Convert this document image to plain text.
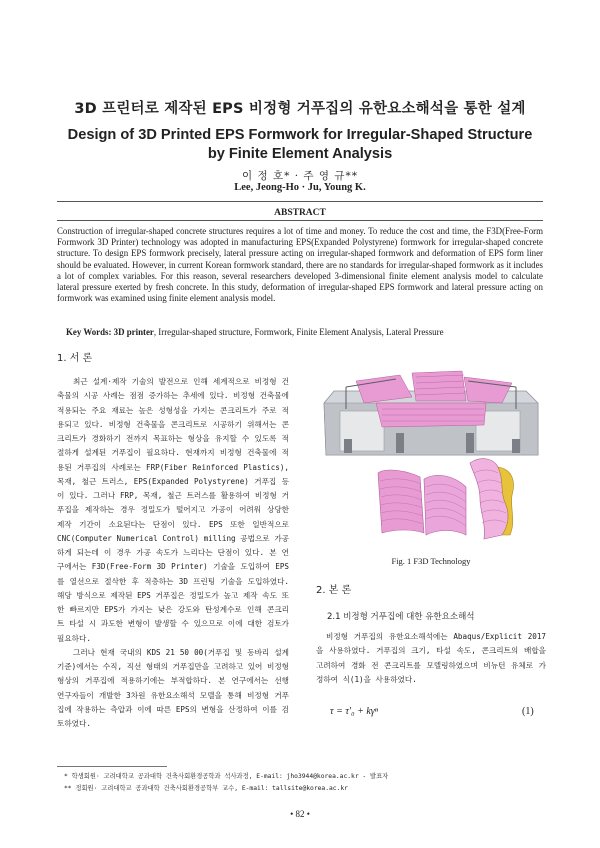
3D 프린터로 제작된 EPS 비정형 거푸집의 유한요소해석을 통한 설계
Design of 3D Printed EPS Formwork for Irregular-Shaped Structure by Finite Element Analysis
이 정 호* · 주 영 규**
Lee, Jeong-Ho · Ju, Young K.
ABSTRACT
Construction of irregular-shaped concrete structures requires a lot of time and money. To reduce the cost and time, the F3D(Free-Form Formwork 3D Printer) technology was adopted in manufacturing EPS(Expanded Polystyrene) formwork for irregular-shaped concrete structure. To design EPS formwork precisely, lateral pressure acting on irregular-shaped formwork and deformation of EPS form liner should be evaluated. However, in current Korean formwork standard, there are no standards for irregular-shaped formwork as it includes a lot of complex variables. For this reason, several researchers developed 3-dimensional finite element analysis model to calculate lateral pressure exerted by fresh concrete. In this study, deformation of irregular-shaped EPS formwork and lateral pressure acting on formwork was examined using finite element analysis model.
Key Words: 3D printer, Irregular-shaped structure, Formwork, Finite Element Analysis, Lateral Pressure
1. 서 론

최근 설계·제작 기술의 발전으로 인해 세계적으로 비정형 건축물의 시공 사례는 점점 증가하는 추세에 있다. 비정형 건축물에 적용되는 주요 재료는 높은 성형성을 가지는 콘크리트가 주로 적용되고 있다. 비정형 건축물을 콘크리트로 시공하기 위해서는 콘크리트가 경화하기 전까지 목표하는 형상을 유지할 수 있도록 적절하게 설계된 거푸집이 필요하다. 현재까지 비정형 건축물에 적용된 거푸집의 사례로는 FRP(Fiber Reinforced Plastics), 목재, 철근 트러스, EPS(Expanded Polystyrene) 거푸집 등이 있다. 그러나 FRP, 목재, 철근 트러스를 활용하여 비정형 거푸집을 제작하는 경우 정밀도가 떨어지고 가공이 어려워 상당한 제작 기간이 소요된다는 단점이 있다. EPS 또한 일반적으로 CNC(Computer Numerical Control) milling 공법으로 가공하게 되는데 이 경우 가공 속도가 느리다는 단점이 있다. 본 연구에서는 F3D(Free-Form 3D Printer) 기술을 도입하여 EPS를 열선으로 절삭한 후 적층하는 3D 프린팅 기술을 도입하였다. 해당 방식으로 제작된 EPS 거푸집은 정밀도가 높고 제작 속도 또한 빠르지만 EPS가 가지는 낮은 강도와 탄성계수로 인해 콘크리트 타설 시 과도한 변형이 발생할 수 있으므로 이에 대한 검토가 필요하다.

그러나 현재 국내의 KDS 21 50 00(거푸집 및 동바리 설계기준)에서는 수직, 직선 형태의 거푸집만을 고려하고 있어 비정형 형상의 거푸집에 적용하기에는 부적합하다. 본 연구에서는 선행 연구자들이 개발한 3차원 유한요소해석 모델을 통해 비정형 거푸집에 작용하는 측압과 이에 따른 EPS의 변형을 산정하여 이를 검토하였다.

Fig. 1 F3D Technology
2. 본 론
2.1 비정형 거푸집에 대한 유한요소해석

비정형 거푸집의 유한요소해석에는 Abaqus/Explicit 2017을 사용하였다. 거푸집의 크기, 타설 속도, 콘크리트의 배합을 고려하여 경화 전 콘크리트를 모델링하였으며 비뉴턴 유체로 가정하여 식(1)을 사용하였다.

τ = τ′₀ + kγⁿ	(1)
* 학생회원· 고려대학교 공과대학 건축사회환경공학과 석사과정, E-mail: jho3944@korea.ac.kr - 발표자
** 정회원· 고려대학교 공과대학 건축사회환경공학부 교수, E-mail: tallsite@korea.ac.kr
• 82 •
